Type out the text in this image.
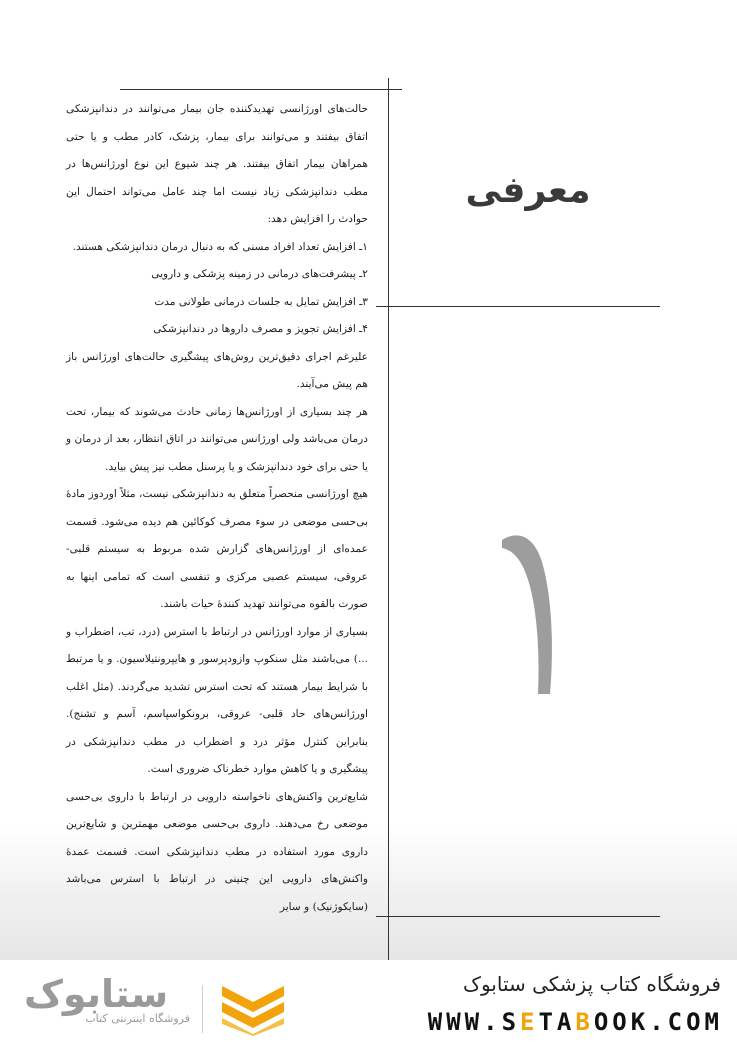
حالت‌های اورژانسی تهدیدکننده جان بیمار می‌توانند در دندانپزشکی اتفاق بیفتند و می‌توانند برای بیمار، پزشک، کادر مطب و یا حتی همراهان بیمار اتفاق بیفتند. هر چند شیوع این نوع اورژانس‌ها در مطب دندانپزشکی زیاد نیست اما چند عامل می‌تواند احتمال این حوادث را افزایش دهد:

۱ـ افزایش تعداد افراد مسنی که به دنبال درمان دندانپزشکی هستند.

۲ـ پیشرفت‌های درمانی در زمینه پزشکی و دارویی

۳ـ افزایش تمایل به جلسات درمانی طولانی مدت

۴ـ افزایش تجویز و مصرف داروها در دندانپزشکی

علیرغم اجرای دقیق‌ترین روش‌های پیشگیری حالت‌های اورژانس باز هم پیش می‌آیند.

هر چند بسیاری از اورژانس‌ها زمانی حادث می‌شوند که بیمار، تحت درمان می‌باشد ولی اورژانس می‌توانند در اتاق انتظار، بعد از درمان و یا حتی برای خود دندانپزشک و یا پرسنل مطب نیز پیش بیاید.

هیچ اورژانسی منحصراً متعلق به دندانپزشکی نیست، مثلاً اوردوز مادهٔ بی‌حسی موضعی در سوء مصرف کوکائین هم دیده می‌شود. قسمت عمده‌ای از اورژانس‌های گزارش شده مربوط به سیستم قلبی- عروقی، سیستم عصبی مرکزی و تنفسی است که تمامی اینها به صورت بالقوه می‌توانند تهدید کنندهٔ حیات باشند.

بسیاری از موارد اورژانس در ارتباط با استرس (درد، تب، اضطراب و ...) می‌باشند مثل سنکوپ وازودپرسور و هایپرونتیلاسیون. و یا مرتبط با شرایط بیمار هستند که تحت استرس تشدید می‌گردند. (مثل اغلب اورژانس‌های حاد قلبی- عروقی، برونکواسپاسم، آسم و تشنج). بنابراین کنترل مؤثر درد و اضطراب در مطب دندانپزشکی در پیشگیری و یا کاهش موارد خطرناک ضروری است.

شایع‌ترین واکنش‌های ناخواسته دارویی در ارتباط با داروی بی‌حسی موضعی رخ می‌دهند. داروی بی‌حسی موضعی مهمترین و شایع‌ترین داروی مورد استفاده در مطب دندانپزشکی است. قسمت عمدهٔ واکنش‌های دارویی این چنینی در ارتباط با استرس می‌باشد (سایکوژنیک) و سایر

معرفی
فروشگاه کتاب پزشکی ستابوک
WWW.SETABOOK.COM
ستابوک
فروشگاه اینترنتی کتاب
